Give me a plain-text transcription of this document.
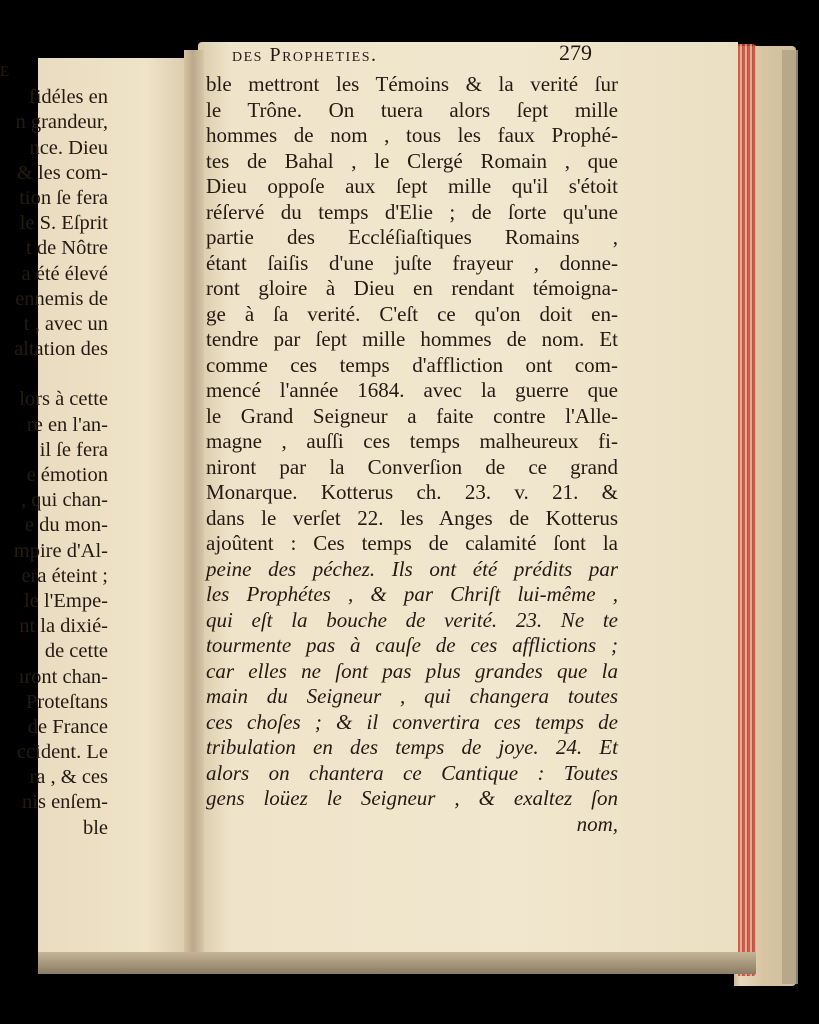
E
fidéles en
n grandeur,
nce. Dieu
& les com-
tion ſe fera
le S. Eſprit
t de Nôtre
a été élevé
ennemis de
t , avec un
altation des
lors à cette
re en l'an-
il ſe fera
e émotion
, qui chan-
e du mon-
mpire d'Al-
era éteint ;
le l'Empe-
nt la dixié-
de cette
ıront chan-
Proteſtans
de France
ccident. Le
ra , & ces
nis enſem-
ble
des Propheties.	279
ble mettront les Témoins & la verité ſur
le Trône. On tuera alors ſept mille
hommes de nom , tous les faux Prophé-
tes de Bahal , le Clergé Romain , que
Dieu oppoſe aux ſept mille qu'il s'étoit
réſervé du temps d'Elie ; de ſorte qu'une
partie des Eccléſiaſtiques Romains ,
étant ſaiſis d'une juſte frayeur , donne-
ront gloire à Dieu en rendant témoigna-
ge à ſa verité. C'eſt ce qu'on doit en-
tendre par ſept mille hommes de nom. Et
comme ces temps d'affliction ont com-
mencé l'année 1684. avec la guerre que
le Grand Seigneur a faite contre l'Alle-
magne , auſſi ces temps malheureux fi-
niront par la Converſion de ce grand
Monarque. Kotterus ch. 23. v. 21. &
dans le verſet 22. les Anges de Kotterus
ajoûtent : Ces temps de calamité ſont la
peine des péchez. Ils ont été prédits par
les Prophétes , & par Chriſt lui-même ,
qui eſt la bouche de verité. 23. Ne te
tourmente pas à cauſe de ces afflictions ;
car elles ne ſont pas plus grandes que la
main du Seigneur , qui changera toutes
ces choſes ; & il convertira ces temps de
tribulation en des temps de joye. 24. Et
alors on chantera ce Cantique : Toutes
gens loüez le Seigneur , & exaltez ſon
nom,
